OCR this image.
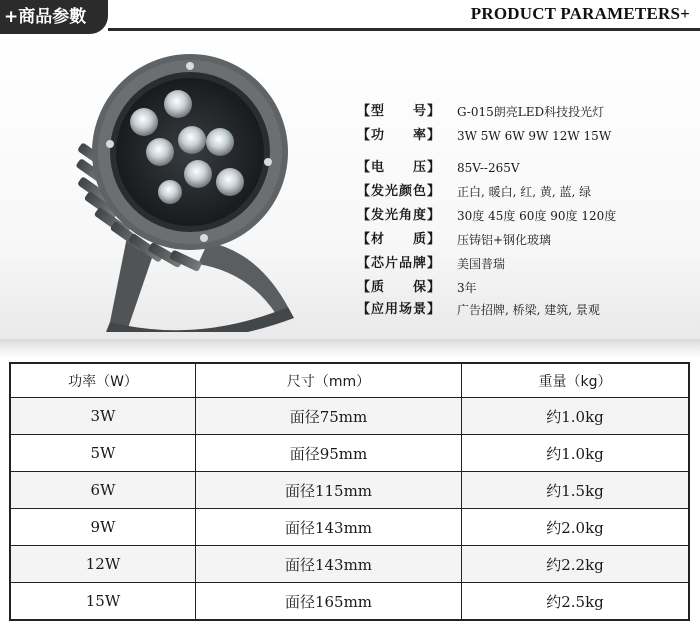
+商品参數	PRODUCT PARAMETERS+
【型　　号】 G-015朗亮LED科技投光灯
【功　　率】 3W 5W 6W 9W 12W 15W
【电　　压】 85V--265V
【发光颜色】 正白, 暖白, 红, 黄, 蓝, 绿
【发光角度】 30度 45度 60度 90度 120度
【材　　质】 压铸铝+钢化玻璃
【芯片品牌】 美国普瑞
【质　　保】 3年
【应用场景】 广告招牌, 桥梁, 建筑, 景观
功率（W）	尺寸（mm）	重量（kg）
3W	面径75mm	约1.0kg
5W	面径95mm	约1.0kg
6W	面径115mm	约1.5kg
9W	面径143mm	约2.0kg
12W	面径143mm	约2.2kg
15W	面径165mm	约2.5kg
